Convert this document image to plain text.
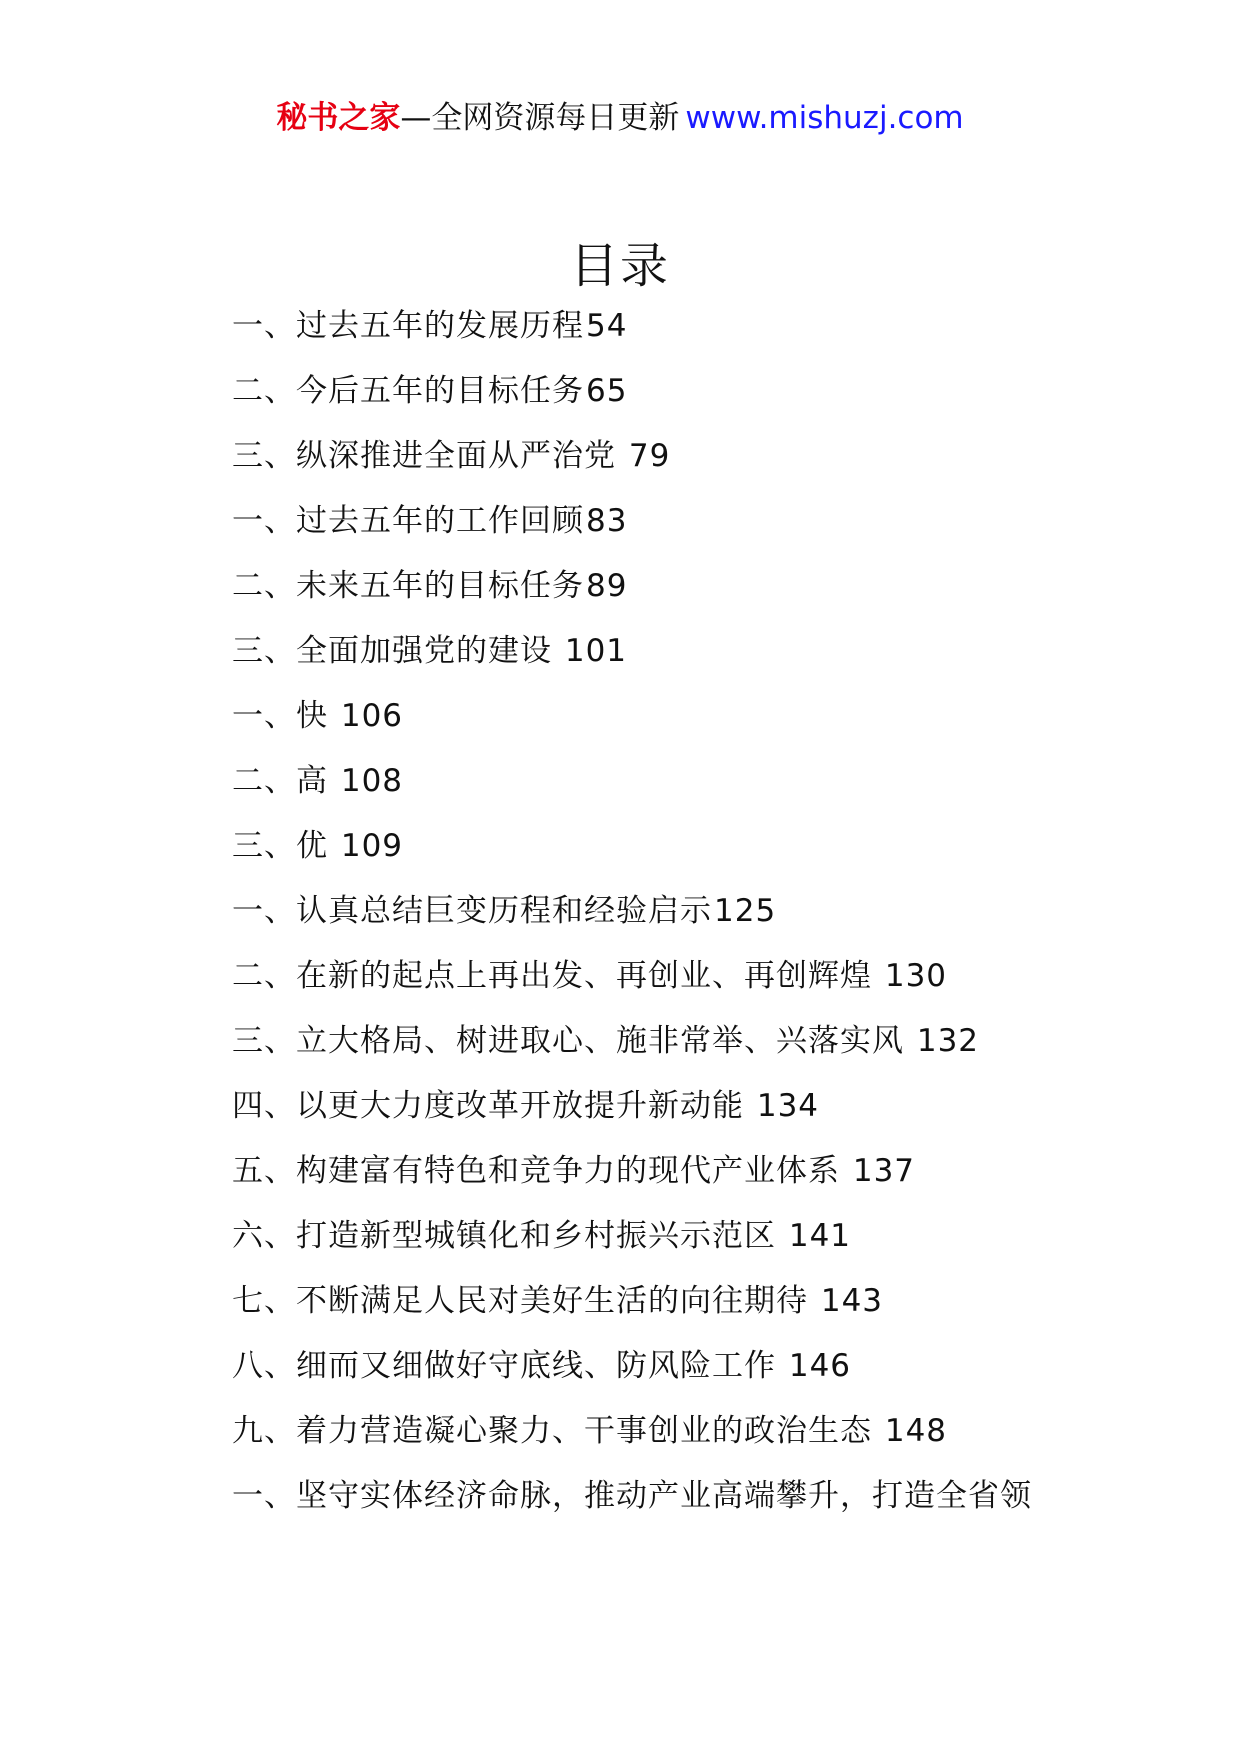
秘书之家—全网资源每日更新 www.mishuzj.com
目录
一、过去五年的发展历程54
二、今后五年的目标任务65
三、纵深推进全面从严治党 79
一、过去五年的工作回顾83
二、未来五年的目标任务89
三、全面加强党的建设 101
一、快 106
二、高 108
三、优 109
一、认真总结巨变历程和经验启示125
二、在新的起点上再出发、再创业、再创辉煌 130
三、立大格局、树进取心、施非常举、兴落实风 132
四、以更大力度改革开放提升新动能 134
五、构建富有特色和竞争力的现代产业体系 137
六、打造新型城镇化和乡村振兴示范区 141
七、不断满足人民对美好生活的向往期待 143
八、细而又细做好守底线、防风险工作 146
九、着力营造凝心聚力、干事创业的政治生态 148
一、坚守实体经济命脉，推动产业高端攀升，打造全省领
